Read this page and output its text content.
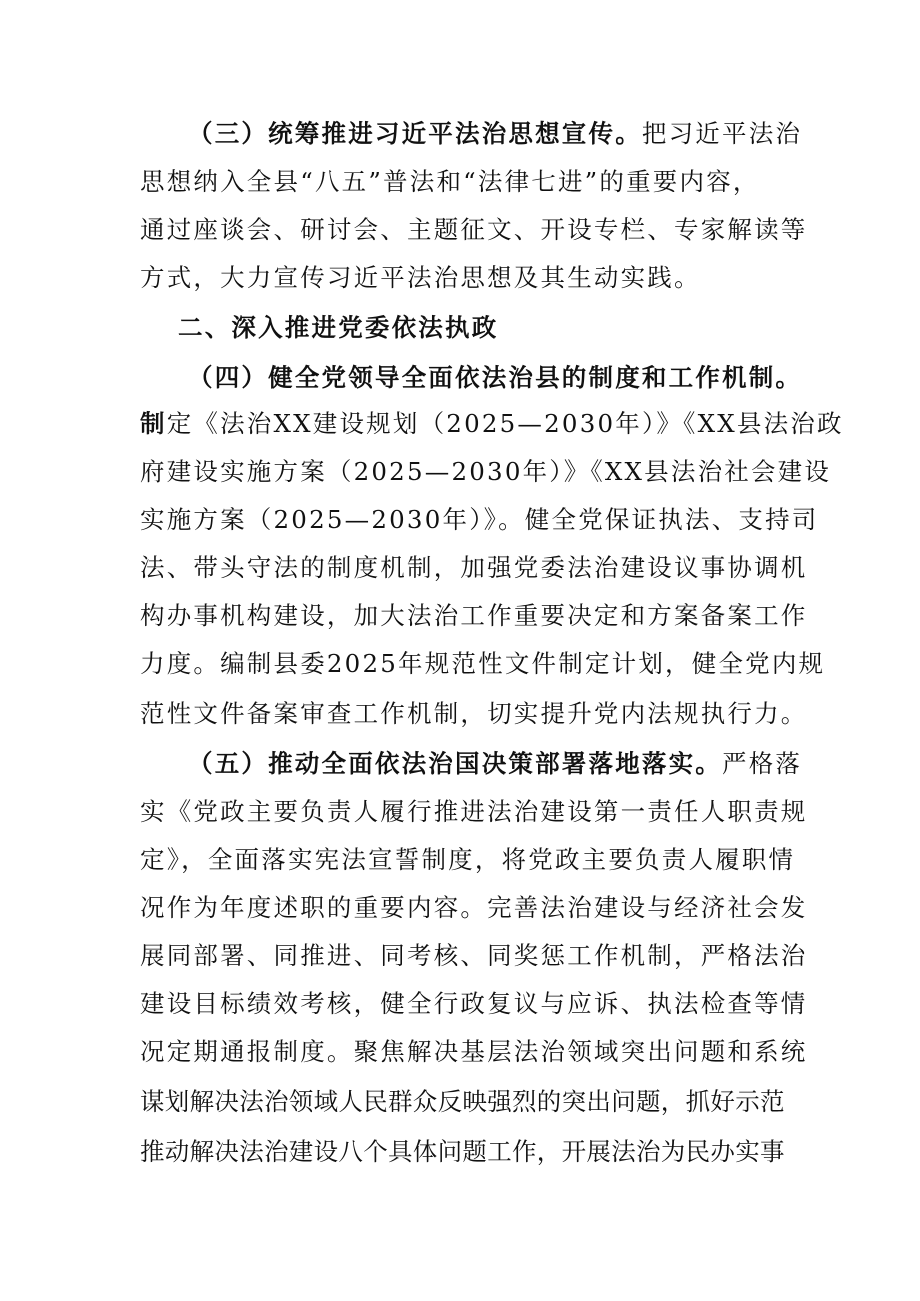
（三）统筹推进习近平法治思想宣传。把习近平法治
思想纳入全县“八五”普法和“法律七进”的重要内容，
通过座谈会、研讨会、主题征文、开设专栏、专家解读等
方式，大力宣传习近平法治思想及其生动实践。
二、深入推进党委依法执政
（四）健全党领导全面依法治县的制度和工作机制。
制定《法治XX建设规划（2025—2030年）》《XX县法治政
府建设实施方案（2025—2030年）》《XX县法治社会建设
实施方案（2025—2030年）》。健全党保证执法、支持司
法、带头守法的制度机制，加强党委法治建设议事协调机
构办事机构建设，加大法治工作重要决定和方案备案工作
力度。编制县委2025年规范性文件制定计划，健全党内规
范性文件备案审查工作机制，切实提升党内法规执行力。
（五）推动全面依法治国决策部署落地落实。严格落
实《党政主要负责人履行推进法治建设第一责任人职责规
定》，全面落实宪法宣誓制度，将党政主要负责人履职情
况作为年度述职的重要内容。完善法治建设与经济社会发
展同部署、同推进、同考核、同奖惩工作机制，严格法治
建设目标绩效考核，健全行政复议与应诉、执法检查等情
况定期通报制度。聚焦解决基层法治领域突出问题和系统
谋划解决法治领域人民群众反映强烈的突出问题，抓好示范
推动解决法治建设八个具体问题工作，开展法治为民办实事
